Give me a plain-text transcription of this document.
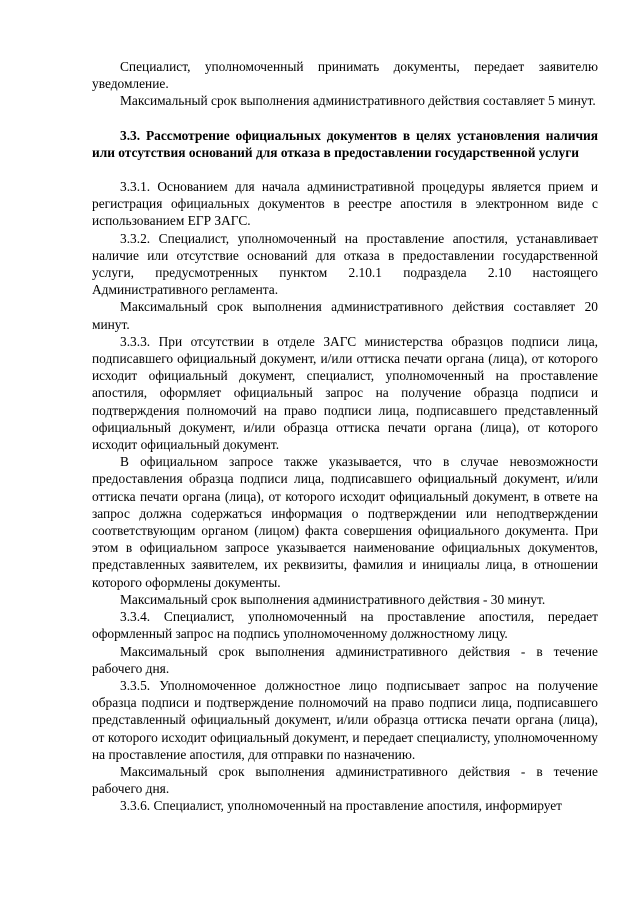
Специалист, уполномоченный принимать документы, передает заявителю уведомление.

Максимальный срок выполнения административного действия составляет 5 минут.

3.3. Рассмотрение официальных документов в целях установления наличия или отсутствия оснований для отказа в предоставлении государственной услуги

3.3.1. Основанием для начала административной процедуры является прием и регистрация официальных документов в реестре апостиля в электронном виде с использованием ЕГР ЗАГС.

3.3.2. Специалист, уполномоченный на проставление апостиля, устанавливает наличие или отсутствие оснований для отказа в предоставлении государственной услуги, предусмотренных пунктом 2.10.1 подраздела 2.10 настоящего Административного регламента.

Максимальный срок выполнения административного действия составляет 20 минут.

3.3.3. При отсутствии в отделе ЗАГС министерства образцов подписи лица, подписавшего официальный документ, и/или оттиска печати органа (лица), от которого исходит официальный документ, специалист, уполномоченный на проставление апостиля, оформляет официальный запрос на получение образца подписи и подтверждения полномочий на право подписи лица, подписавшего представленный официальный документ, и/или образца оттиска печати органа (лица), от которого исходит официальный документ.

В официальном запросе также указывается, что в случае невозможности предоставления образца подписи лица, подписавшего официальный документ, и/или оттиска печати органа (лица), от которого исходит официальный документ, в ответе на запрос должна содержаться информация о подтверждении или неподтверждении соответствующим органом (лицом) факта совершения официального документа. При этом в официальном запросе указывается наименование официальных документов, представленных заявителем, их реквизиты, фамилия и инициалы лица, в отношении которого оформлены документы.

Максимальный срок выполнения административного действия - 30 минут.

3.3.4. Специалист, уполномоченный на проставление апостиля, передает оформленный запрос на подпись уполномоченному должностному лицу.

Максимальный срок выполнения административного действия - в течение рабочего дня.

3.3.5. Уполномоченное должностное лицо подписывает запрос на получение образца подписи и подтверждение полномочий на право подписи лица, подписавшего представленный официальный документ, и/или образца оттиска печати органа (лица), от которого исходит официальный документ, и передает специалисту, уполномоченному на проставление апостиля, для отправки по назначению.

Максимальный срок выполнения административного действия - в течение рабочего дня.

3.3.6. Специалист, уполномоченный на проставление апостиля, информирует
